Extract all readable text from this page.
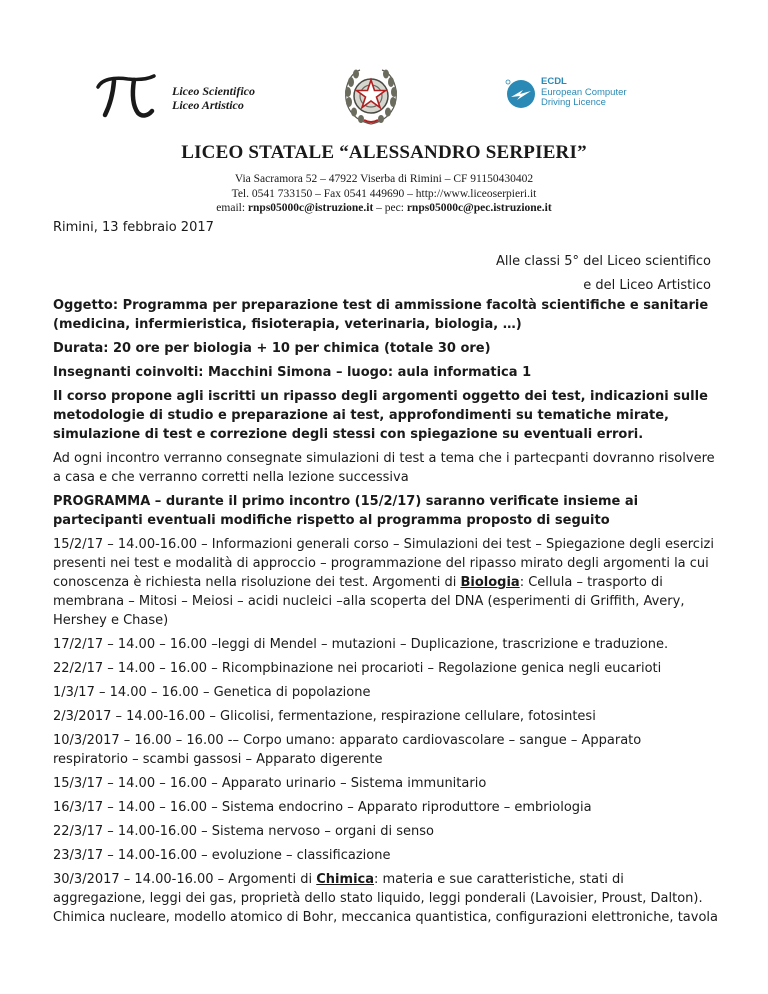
Liceo Scientifico
Liceo Artistico
ECDL
European Computer
Driving Licence
LICEO STATALE “ALESSANDRO SERPIERI”
Via Sacramora 52 – 47922 Viserba di Rimini – CF 91150430402
Tel. 0541 733150 – Fax 0541 449690 – http://www.liceoserpieri.it
email: rnps05000c@istruzione.it – pec: rnps05000c@pec.istruzione.it
Rimini, 13 febbraio 2017
Alle classi 5° del Liceo scientifico
e del Liceo Artistico

Oggetto: Programma per preparazione test di ammissione facoltà scientifiche e sanitarie (medicina, infermieristica, fisioterapia, veterinaria, biologia, …)

Durata: 20 ore per biologia + 10 per chimica (totale 30 ore)

Insegnanti coinvolti: Macchini Simona – luogo: aula informatica 1

Il corso propone agli iscritti un ripasso degli argomenti oggetto dei test, indicazioni sulle metodologie di studio e preparazione ai test, approfondimenti su tematiche mirate, simulazione di test e correzione degli stessi con spiegazione su eventuali errori.

Ad ogni incontro verranno consegnate simulazioni di test a tema che i partecpanti dovranno risolvere a casa e che verranno corretti nella lezione successiva

PROGRAMMA – durante il primo incontro (15/2/17) saranno verificate insieme ai partecipanti eventuali modifiche rispetto al programma proposto di seguito

15/2/17 – 14.00-16.00 – Informazioni generali corso – Simulazioni dei test – Spiegazione degli esercizi presenti nei test e modalità di approccio – programmazione del ripasso mirato degli argomenti la cui conoscenza è richiesta nella risoluzione dei test. Argomenti di Biologia: Cellula – trasporto di membrana – Mitosi – Meiosi – acidi nucleici –alla scoperta del DNA (esperimenti di Griffith, Avery, Hershey e Chase)

17/2/17 – 14.00 – 16.00 –leggi di Mendel – mutazioni – Duplicazione, trascrizione e traduzione.

22/2/17 – 14.00 – 16.00 – Ricompbinazione nei procarioti – Regolazione genica negli eucarioti

1/3/17 – 14.00 – 16.00 – Genetica di popolazione

2/3/2017 – 14.00-16.00 – Glicolisi, fermentazione, respirazione cellulare, fotosintesi

10/3/2017 – 16.00 – 16.00 -– Corpo umano: apparato cardiovascolare – sangue – Apparato respiratorio – scambi gassosi – Apparato digerente

15/3/17 – 14.00 – 16.00 – Apparato urinario – Sistema immunitario

16/3/17 – 14.00 – 16.00 – Sistema endocrino – Apparato riproduttore – embriologia

22/3/17 – 14.00-16.00 – Sistema nervoso – organi di senso

23/3/17 – 14.00-16.00 – evoluzione – classificazione

30/3/2017 – 14.00-16.00 – Argomenti di Chimica: materia e sue caratteristiche, stati di aggregazione, leggi dei gas, proprietà dello stato liquido, leggi ponderali (Lavoisier, Proust, Dalton). Chimica nucleare, modello atomico di Bohr, meccanica quantistica, configurazioni elettroniche, tavola
